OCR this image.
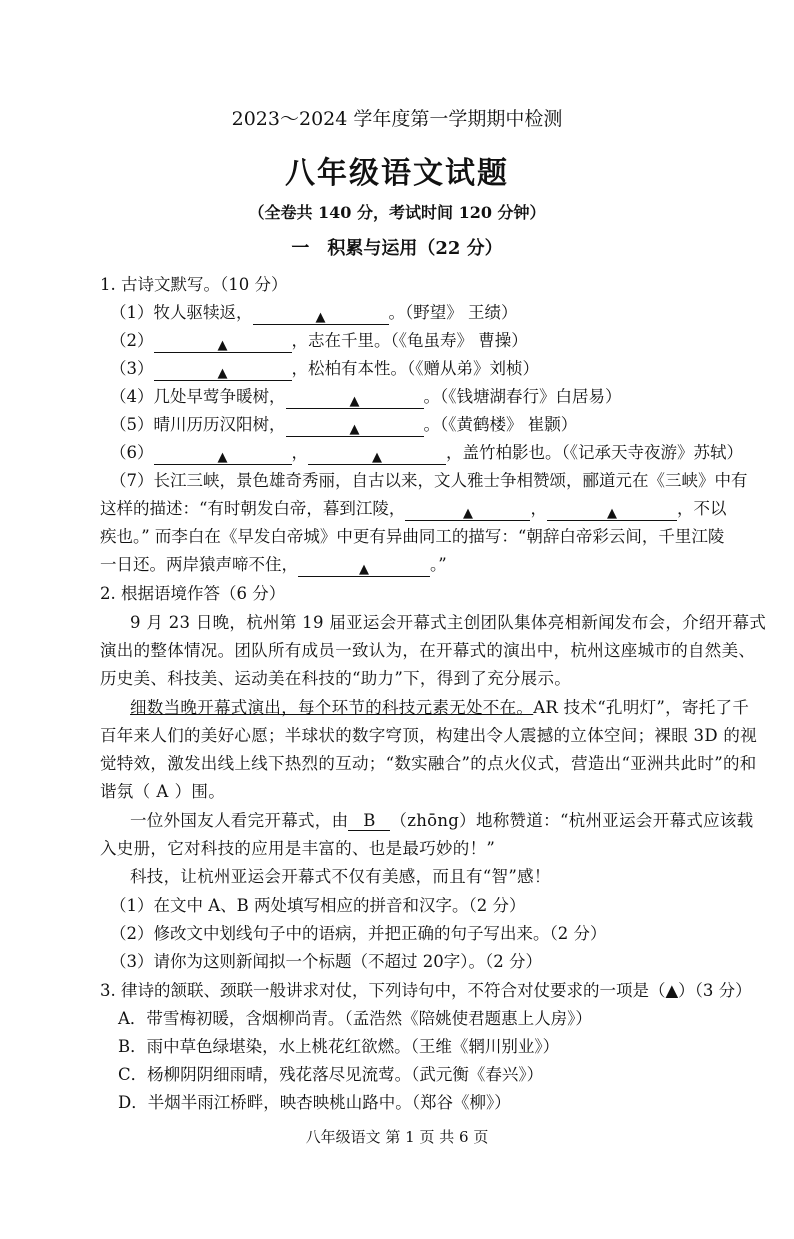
2023～2024 学年度第一学期期中检测
八年级语文试题
（全卷共 140 分，考试时间 120 分钟）
一　积累与运用（22 分）
1. 古诗文默写。（10 分）
（1）牧人驱犊返，	▲	。（野望》 王绩）
（2）	▲	，志在千里。（《龟虽寿》 曹操）
（3）	▲	，松柏有本性。（《赠从弟》刘桢）
（4）几处早莺争暖树，	▲	。（《钱塘湖春行》白居易）
（5）晴川历历汉阳树，	▲	。（《黄鹤楼》 崔颢）
（6）	▲	，	▲	，盖竹柏影也。（《记承天寺夜游》苏轼）
（7）长江三峡，景色雄奇秀丽，自古以来，文人雅士争相赞颂，郦道元在《三峡》中有
这样的描述：“有时朝发白帝，暮到江陵，	▲	，	▲	，不以
疾也。” 而李白在《早发白帝城》中更有异曲同工的描写：“朝辞白帝彩云间，千里江陵
一日还。两岸猿声啼不住，	▲	。”
2. 根据语境作答（6 分）
9 月 23 日晚，杭州第 19 届亚运会开幕式主创团队集体亮相新闻发布会，介绍开幕式
演出的整体情况。团队所有成员一致认为，在开幕式的演出中，杭州这座城市的自然美、
历史美、科技美、运动美在科技的“助力”下，得到了充分展示。
细数当晚开幕式演出，每个环节的科技元素无处不在。AR 技术“孔明灯”，寄托了千
百年来人们的美好心愿；半球状的数字穹顶，构建出令人震撼的立体空间；裸眼 3D 的视
觉特效，激发出线上线下热烈的互动；“数实融合”的点火仪式，营造出“亚洲共此时”的和
谐氛（ A ）围。
一位外国友人看完开幕式，由 B （zhōng）地称赞道：“杭州亚运会开幕式应该载
入史册，它对科技的应用是丰富的、也是最巧妙的！”
科技，让杭州亚运会开幕式不仅有美感，而且有“智”感！
（1）在文中 A、B 两处填写相应的拼音和汉字。（2 分）
（2）修改文中划线句子中的语病，并把正确的句子写出来。（2 分）
（3）请你为这则新闻拟一个标题（不超过 20字）。（2 分）
3. 律诗的颔联、颈联一般讲求对仗，下列诗句中，不符合对仗要求的一项是（▲）（3 分）
A．带雪梅初暖，含烟柳尚青。（孟浩然《陪姚使君题惠上人房》）
B．雨中草色绿堪染，水上桃花红欲燃。（王维《辋川别业》）
C．杨柳阴阴细雨晴，残花落尽见流莺。（武元衡《春兴》）
D．半烟半雨江桥畔，映杏映桃山路中。（郑谷《柳》）
八年级语文 第 1 页 共 6 页
